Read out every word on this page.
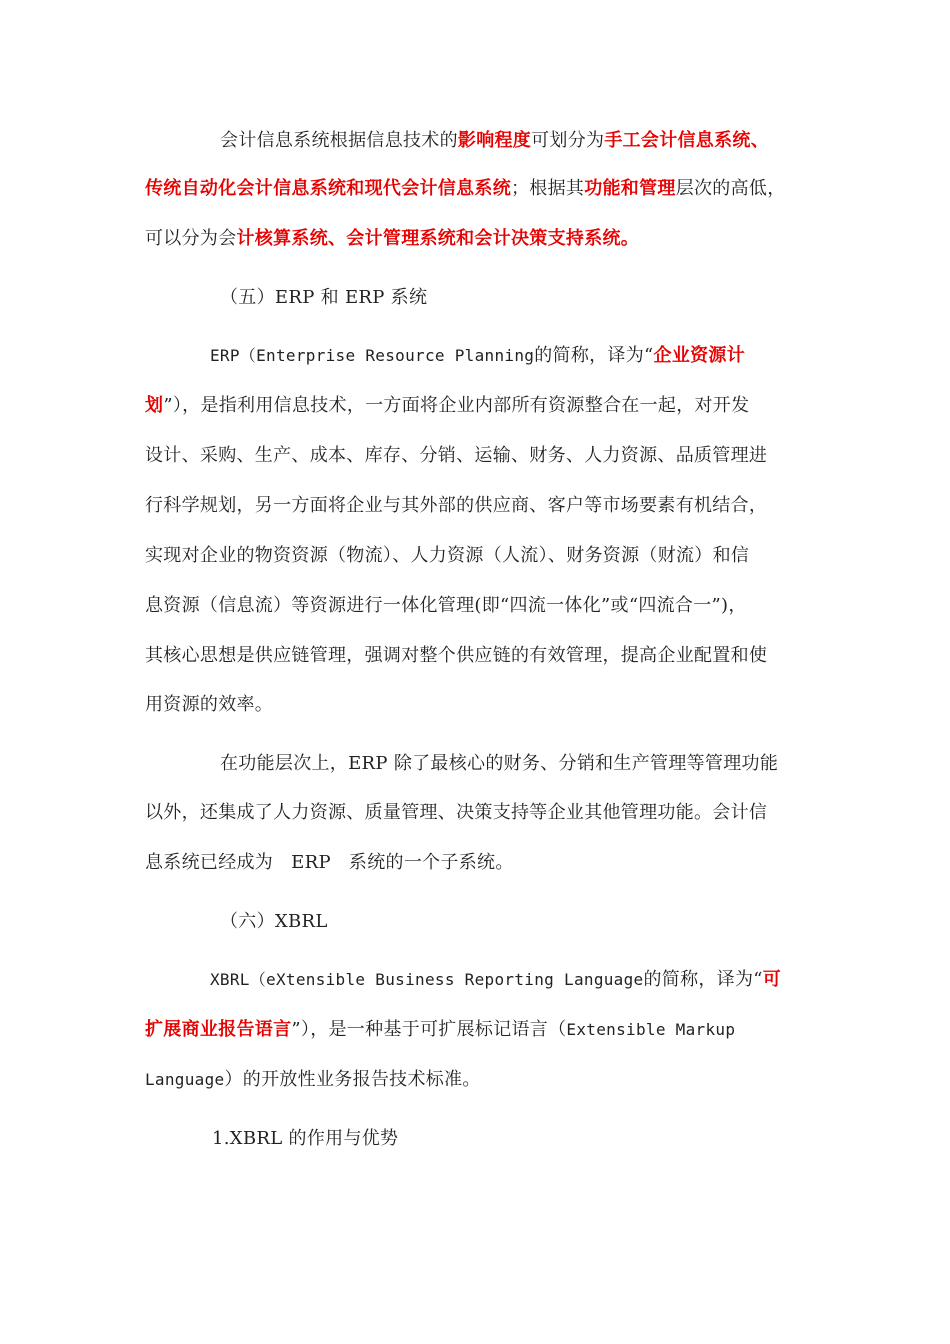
会计信息系统根据信息技术的影响程度可划分为手工会计信息系统、
传统自动化会计信息系统和现代会计信息系统；根据其功能和管理层次的高低，
可以分为会计核算系统、会计管理系统和会计决策支持系统。
（五）ERP 和 ERP 系统
ERP（Enterprise Resource Planning的简称，译为“企业资源计
划”），是指利用信息技术，一方面将企业内部所有资源整合在一起，对开发
设计、采购、生产、成本、库存、分销、运输、财务、人力资源、品质管理进
行科学规划，另一方面将企业与其外部的供应商、客户等市场要素有机结合，
实现对企业的物资资源（物流）、人力资源（人流）、财务资源（财流）和信
息资源（信息流）等资源进行一体化管理(即“四流一体化”或“四流合一”)，
其核心思想是供应链管理，强调对整个供应链的有效管理，提高企业配置和使
用资源的效率。
在功能层次上，ERP 除了最核心的财务、分销和生产管理等管理功能
以外，还集成了人力资源、质量管理、决策支持等企业其他管理功能。会计信
息系统已经成为   ERP   系统的一个子系统。
（六）XBRL
XBRL（eXtensible Business Reporting Language的简称，译为“可
扩展商业报告语言”），是一种基于可扩展标记语言（Extensible Markup
Language）的开放性业务报告技术标准。
1.XBRL 的作用与优势
